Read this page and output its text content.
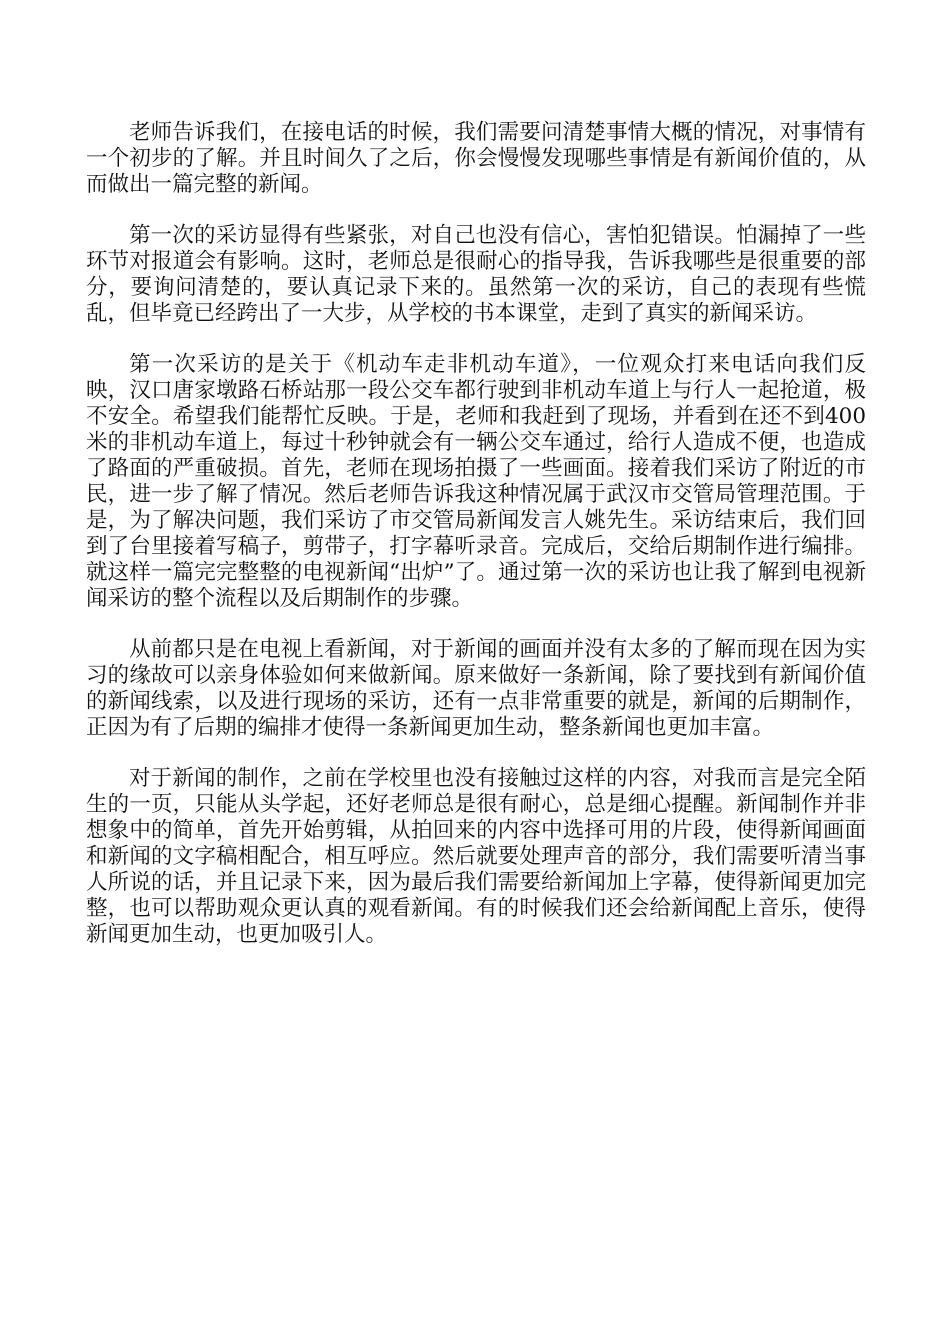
老师告诉我们，在接电话的时候，我们需要问清楚事情大概的情况，对事情有一个初步的了解。并且时间久了之后，你会慢慢发现哪些事情是有新闻价值的，从而做出一篇完整的新闻。

第一次的采访显得有些紧张，对自己也没有信心，害怕犯错误。怕漏掉了一些环节对报道会有影响。这时，老师总是很耐心的指导我，告诉我哪些是很重要的部分，要询问清楚的，要认真记录下来的。虽然第一次的采访，自己的表现有些慌乱，但毕竟已经跨出了一大步，从学校的书本课堂，走到了真实的新闻采访。

第一次采访的是关于《机动车走非机动车道》，一位观众打来电话向我们反映，汉口唐家墩路石桥站那一段公交车都行驶到非机动车道上与行人一起抢道，极不安全。希望我们能帮忙反映。于是，老师和我赶到了现场，并看到在还不到400米的非机动车道上，每过十秒钟就会有一辆公交车通过，给行人造成不便，也造成了路面的严重破损。首先，老师在现场拍摄了一些画面。接着我们采访了附近的市民，进一步了解了情况。然后老师告诉我这种情况属于武汉市交管局管理范围。于是，为了解决问题，我们采访了市交管局新闻发言人姚先生。采访结束后，我们回到了台里接着写稿子，剪带子，打字幕听录音。完成后，交给后期制作进行编排。就这样一篇完完整整的电视新闻“出炉”了。通过第一次的采访也让我了解到电视新闻采访的整个流程以及后期制作的步骤。

从前都只是在电视上看新闻，对于新闻的画面并没有太多的了解而现在因为实习的缘故可以亲身体验如何来做新闻。原来做好一条新闻，除了要找到有新闻价值的新闻线索，以及进行现场的采访，还有一点非常重要的就是，新闻的后期制作，正因为有了后期的编排才使得一条新闻更加生动，整条新闻也更加丰富。

对于新闻的制作，之前在学校里也没有接触过这样的内容，对我而言是完全陌生的一页，只能从头学起，还好老师总是很有耐心，总是细心提醒。新闻制作并非想象中的简单，首先开始剪辑，从拍回来的内容中选择可用的片段，使得新闻画面和新闻的文字稿相配合，相互呼应。然后就要处理声音的部分，我们需要听清当事人所说的话，并且记录下来，因为最后我们需要给新闻加上字幕，使得新闻更加完整，也可以帮助观众更认真的观看新闻。有的时候我们还会给新闻配上音乐，使得新闻更加生动，也更加吸引人。
